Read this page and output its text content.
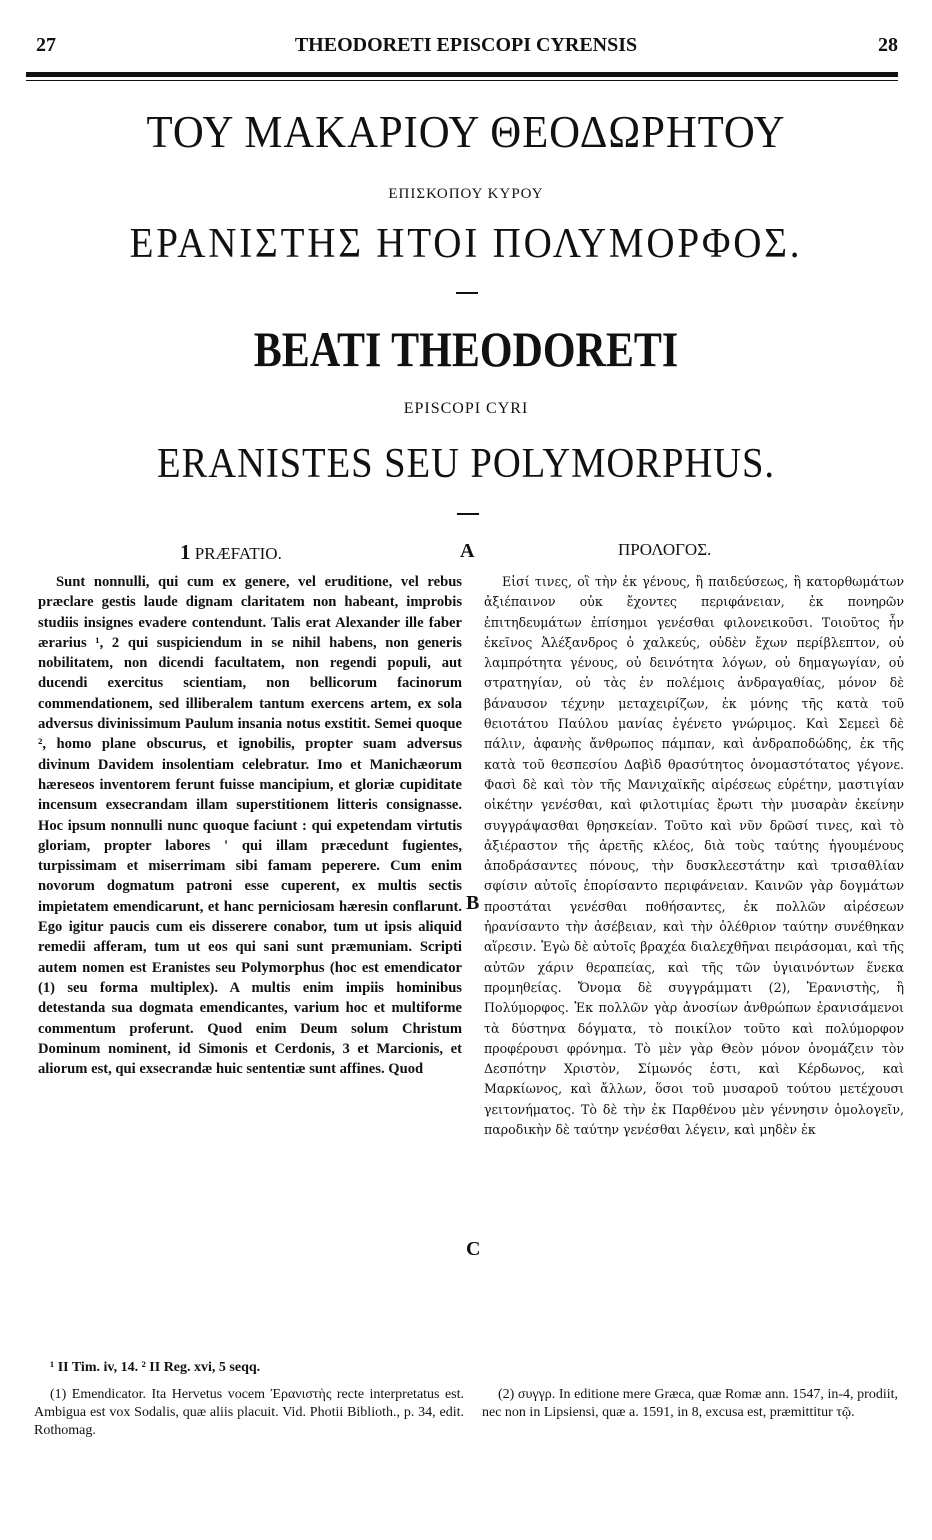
27	THEODORETI EPISCOPI CYRENSIS	28
ΤΟΥ ΜΑΚΑΡΙΟΥ ΘΕΟΔΩΡΗΤΟΥ
ΕΠΙΣΚΟΠΟΥ ΚΥΡΟΥ
ΕΡΑΝΙΣΤΗΣ ΗΤΟΙ ΠΟΛΥΜΟΡΦΟΣ.
BEATI THEODORETI
EPISCOPI CYRI
ERANISTES SEU POLYMORPHUS.
1 PRÆFATIO.	A	ΠΡΟΛΟΓΟΣ.

Sunt nonnulli, qui cum ex genere, vel eruditione, vel rebus præclare gestis laude dignam claritatem non habeant, improbis studiis insignes evadere contendunt. Talis erat Alexander ille faber ærarius ¹, 2 qui suspiciendum in se nihil habens, non generis nobilitatem, non dicendi facultatem, non regendi populi, aut ducendi exercitus scientiam, non bellicorum facinorum commendationem, sed illiberalem tantum exercens artem, ex sola adversus divinissimum Paulum insania notus exstitit. Semei quoque ², homo plane obscurus, et ignobilis, propter suam adversus divinum Davidem insolentiam celebratur. Imo et Manichæorum hæreseos inventorem ferunt fuisse mancipium, et gloriæ cupiditate incensum exsecrandam illam superstitionem litteris consignasse. Hoc ipsum nonnulli nunc quoque faciunt : qui expetendam virtutis gloriam, propter labores ' qui illam præcedunt fugientes, turpissimam et miserrimam sibi famam peperere. Cum enim novorum dogmatum patroni esse cuperent, ex multis sectis impietatem emendicarunt, et hanc perniciosam hæresin conflarunt. Ego igitur paucis cum eis disserere conabor, tum ut ipsis aliquid remedii afferam, tum ut eos qui sani sunt præmuniam. Scripti autem nomen est Eranistes seu Polymorphus (hoc est emendicator (1) seu forma multiplex). A multis enim impiis hominibus detestanda sua dogmata emendicantes, varium hoc et multiforme commentum proferunt. Quod enim Deum solum Christum Dominum nominent, id Simonis et Cerdonis, 3 et Marcionis, et aliorum est, qui exsecrandæ huic sententiæ sunt affines. Quod

Εἰσί τινες, οἳ τὴν ἐκ γένους, ἢ παιδεύσεως, ἢ κατορθωμάτων ἀξιέπαινον οὐκ ἔχοντες περιφάνειαν, ἐκ πονηρῶν ἐπιτηδευμάτων ἐπίσημοι γενέσθαι φιλονεικοῦσι. Τοιοῦτος ἦν ἐκεῖνος Ἀλέξανδρος ὁ χαλκεύς, οὐδὲν ἔχων περίβλεπτον, οὐ λαμπρότητα γένους, οὐ δεινότητα λόγων, οὐ δημαγωγίαν, οὐ στρατηγίαν, οὐ τὰς ἐν πολέμοις ἀνδραγαθίας, μόνον δὲ βάναυσον τέχνην μεταχειρίζων, ἐκ μόνης τῆς κατὰ τοῦ θειοτάτου Παύλου μανίας ἐγένετο γνώριμος. Καὶ Σεμεεὶ δὲ πάλιν, ἀφανὴς ἄνθρωπος πάμπαν, καὶ ἀνδραποδώδης, ἐκ τῆς κατὰ τοῦ θεσπεσίου Δαβὶδ θρασύτητος ὀνομαστότατος γέγονε. Φασὶ δὲ καὶ τὸν τῆς Μανιχαϊκῆς αἱρέσεως εὑρέτην, μαστιγίαν οἰκέτην γενέσθαι, καὶ φιλοτιμίας ἔρωτι τὴν μυσαρὰν ἐκείνην συγγράψασθαι θρησκείαν. Τοῦτο καὶ νῦν δρῶσί τινες, καὶ τὸ ἀξιέραστον τῆς ἀρετῆς κλέος, διὰ τοὺς ταύτης ἡγουμένους ἀποδράσαντες πόνους, τὴν δυσκλεεστάτην καὶ τρισαθλίαν σφίσιν αὐτοῖς ἐπορίσαντο περιφάνειαν. Καινῶν γὰρ δογμάτων προστάται γενέσθαι ποθήσαντες, ἐκ πολλῶν αἱρέσεων ἠρανίσαντο τὴν ἀσέβειαν, καὶ τὴν ὀλέθριον ταύτην συνέθηκαν αἵρεσιν. Ἐγὼ δὲ αὐτοῖς βραχέα διαλεχθῆναι πειράσομαι, καὶ τῆς αὐτῶν χάριν θεραπείας, καὶ τῆς τῶν ὑγιαινόντων ἕνεκα προμηθείας. Ὄνομα δὲ συγγράμματι (2), Ἐρανιστὴς, ἢ Πολύμορφος. Ἐκ πολλῶν γὰρ ἀνοσίων ἀνθρώπων ἐρανισάμενοι τὰ δύστηνα δόγματα, τὸ ποικίλον τοῦτο καὶ πολύμορφον προφέρουσι φρόνημα. Τὸ μὲν γὰρ Θεὸν μόνον ὀνομάζειν τὸν Δεσπότην Χριστὸν, Σίμωνός ἐστι, καὶ Κέρδωνος, καὶ Μαρκίωνος, καὶ ἄλλων, ὅσοι τοῦ μυσαροῦ τούτου μετέχουσι γειτονήματος. Τὸ δὲ τὴν ἐκ Παρθένου μὲν γέννησιν ὁμολογεῖν, παροδικὴν δὲ ταύτην γενέσθαι λέγειν, καὶ μηδὲν ἐκ

B
C
¹ II Tim. iv, 14. ² II Reg. xvi, 5 seqq.

(1) Emendicator. Ita Hervetus vocem Ἐρανιστὴς recte interpretatus est. Ambigua est vox Sodalis, quæ aliis placuit. Vid. Photii Biblioth., p. 34, edit. Rothomag.

(2) συγγρ. In editione mere Græca, quæ Romæ ann. 1547, in-4, prodiit, nec non in Lipsiensi, quæ a. 1591, in 8, excusa est, præmittitur τῷ.
